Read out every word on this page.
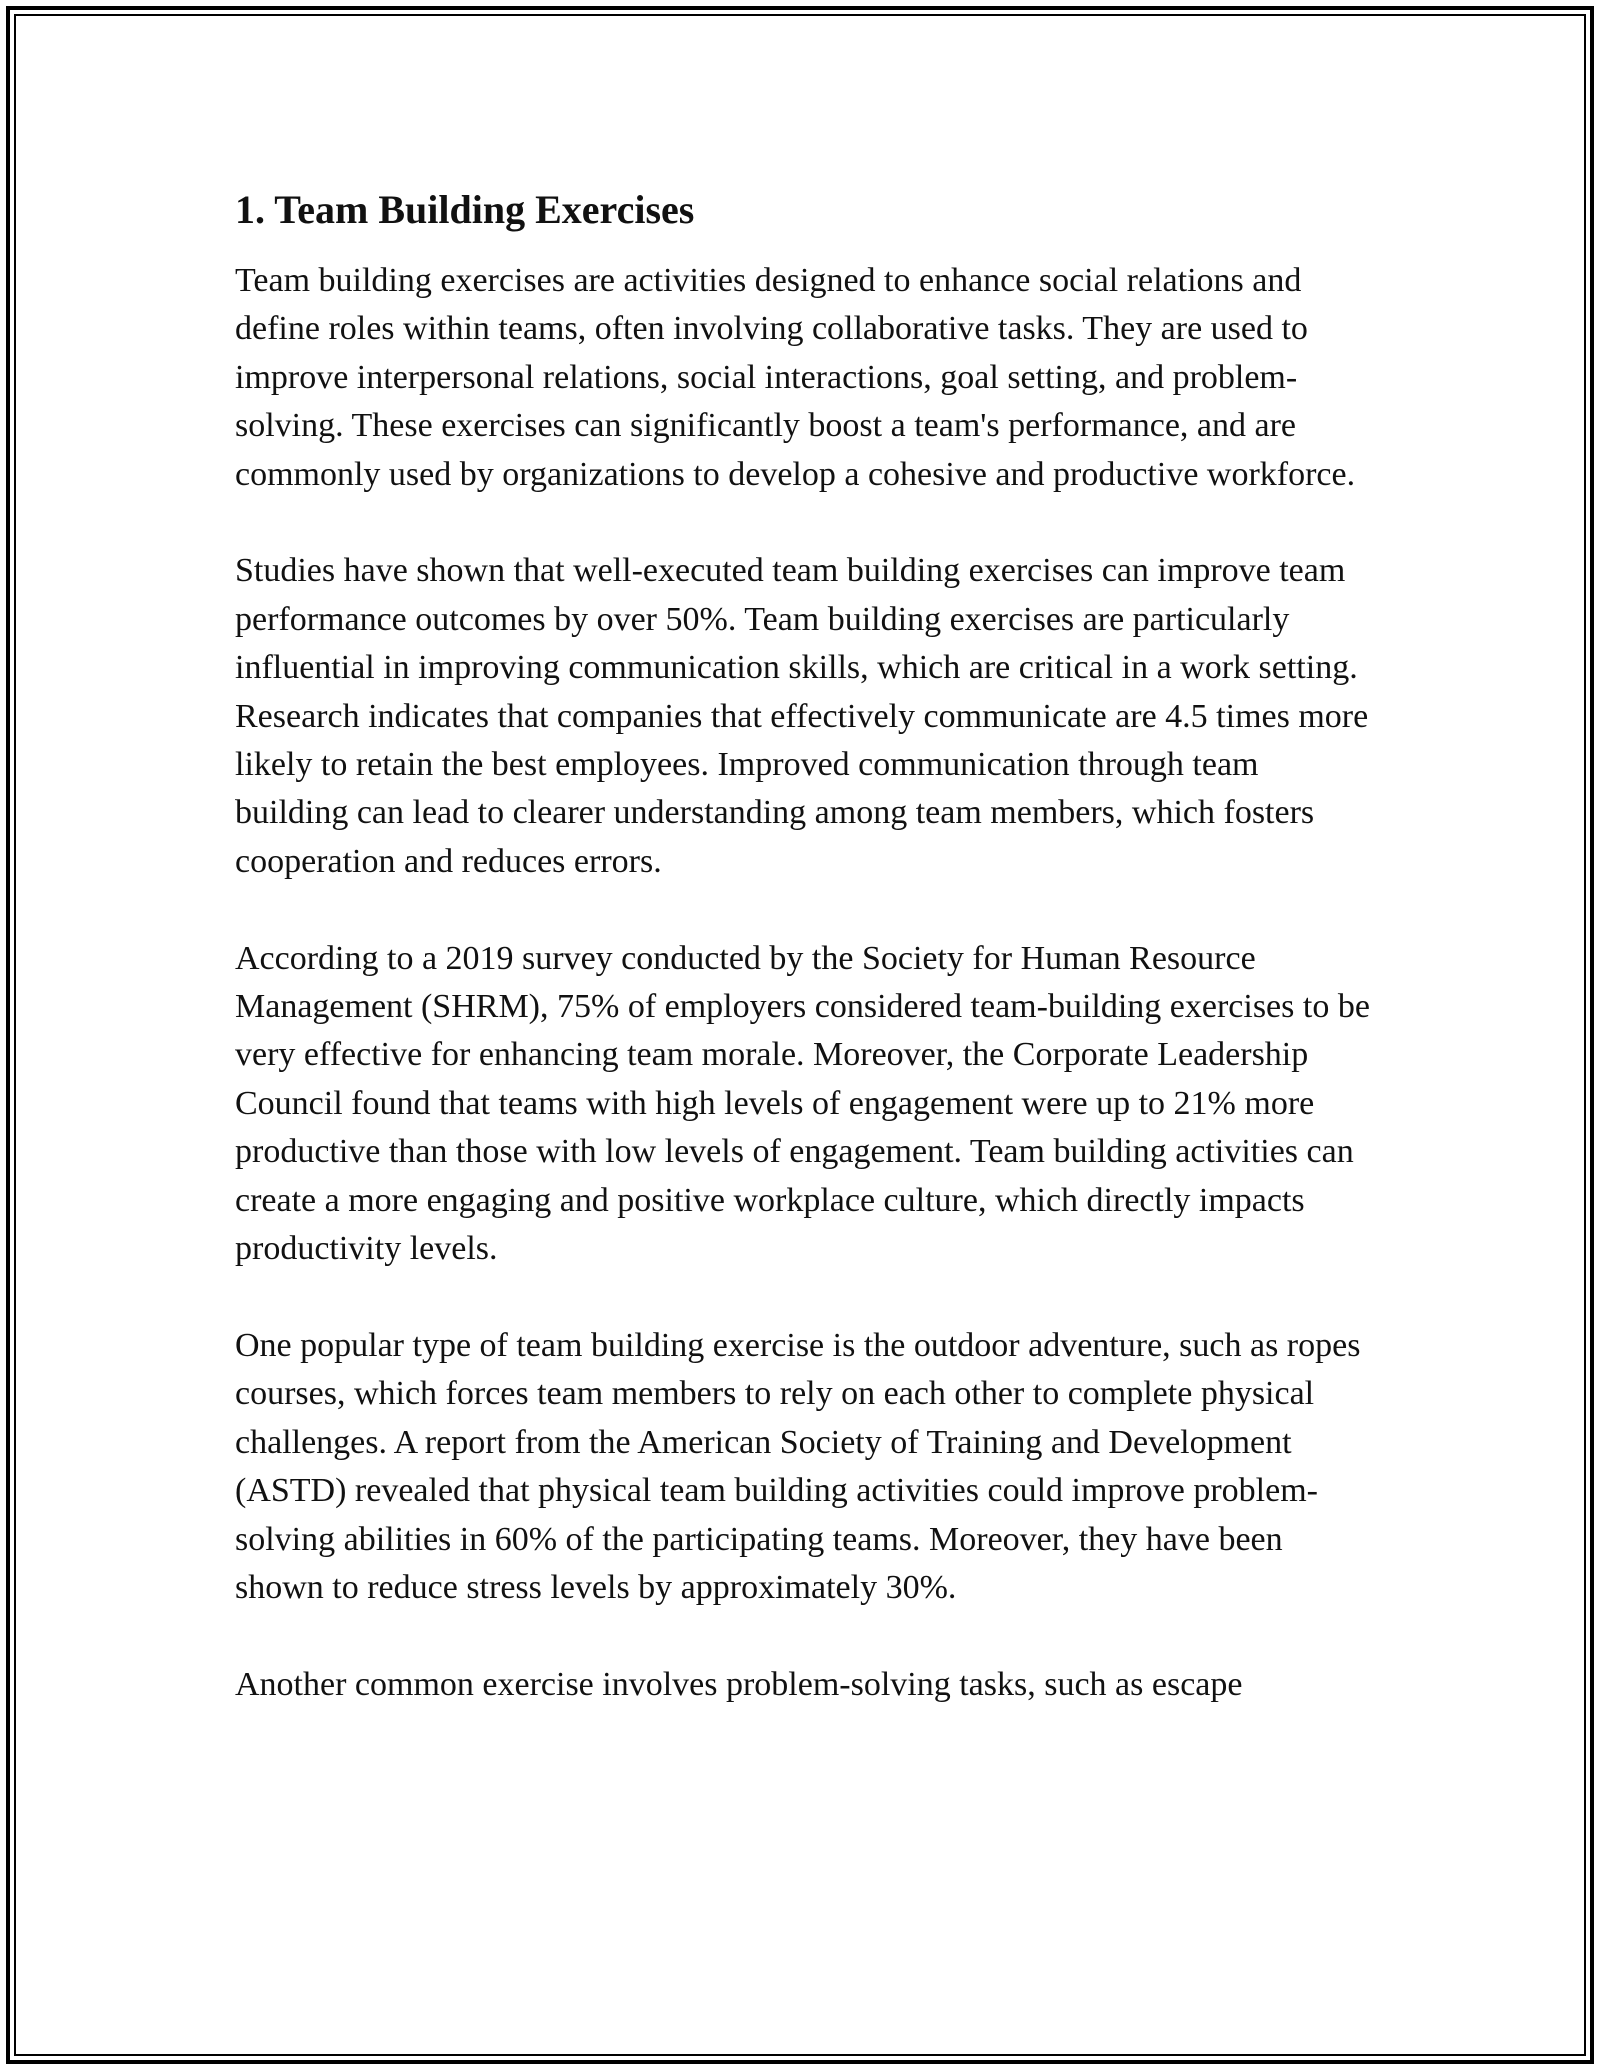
1. Team Building Exercises

Team building exercises are activities designed to enhance social relations and define roles within teams, often involving collaborative tasks. They are used to improve interpersonal relations, social interactions, goal setting, and problem-solving. These exercises can significantly boost a team's performance, and are commonly used by organizations to develop a cohesive and productive workforce.

Studies have shown that well-executed team building exercises can improve team performance outcomes by over 50%. Team building exercises are particularly influential in improving communication skills, which are critical in a work setting. Research indicates that companies that effectively communicate are 4.5 times more likely to retain the best employees. Improved communication through team building can lead to clearer understanding among team members, which fosters cooperation and reduces errors.

According to a 2019 survey conducted by the Society for Human Resource Management (SHRM), 75% of employers considered team-building exercises to be very effective for enhancing team morale. Moreover, the Corporate Leadership Council found that teams with high levels of engagement were up to 21% more productive than those with low levels of engagement. Team building activities can create a more engaging and positive workplace culture, which directly impacts productivity levels.

One popular type of team building exercise is the outdoor adventure, such as ropes courses, which forces team members to rely on each other to complete physical challenges. A report from the American Society of Training and Development (ASTD) revealed that physical team building activities could improve problem-solving abilities in 60% of the participating teams. Moreover, they have been shown to reduce stress levels by approximately 30%.

Another common exercise involves problem-solving tasks, such as escape
